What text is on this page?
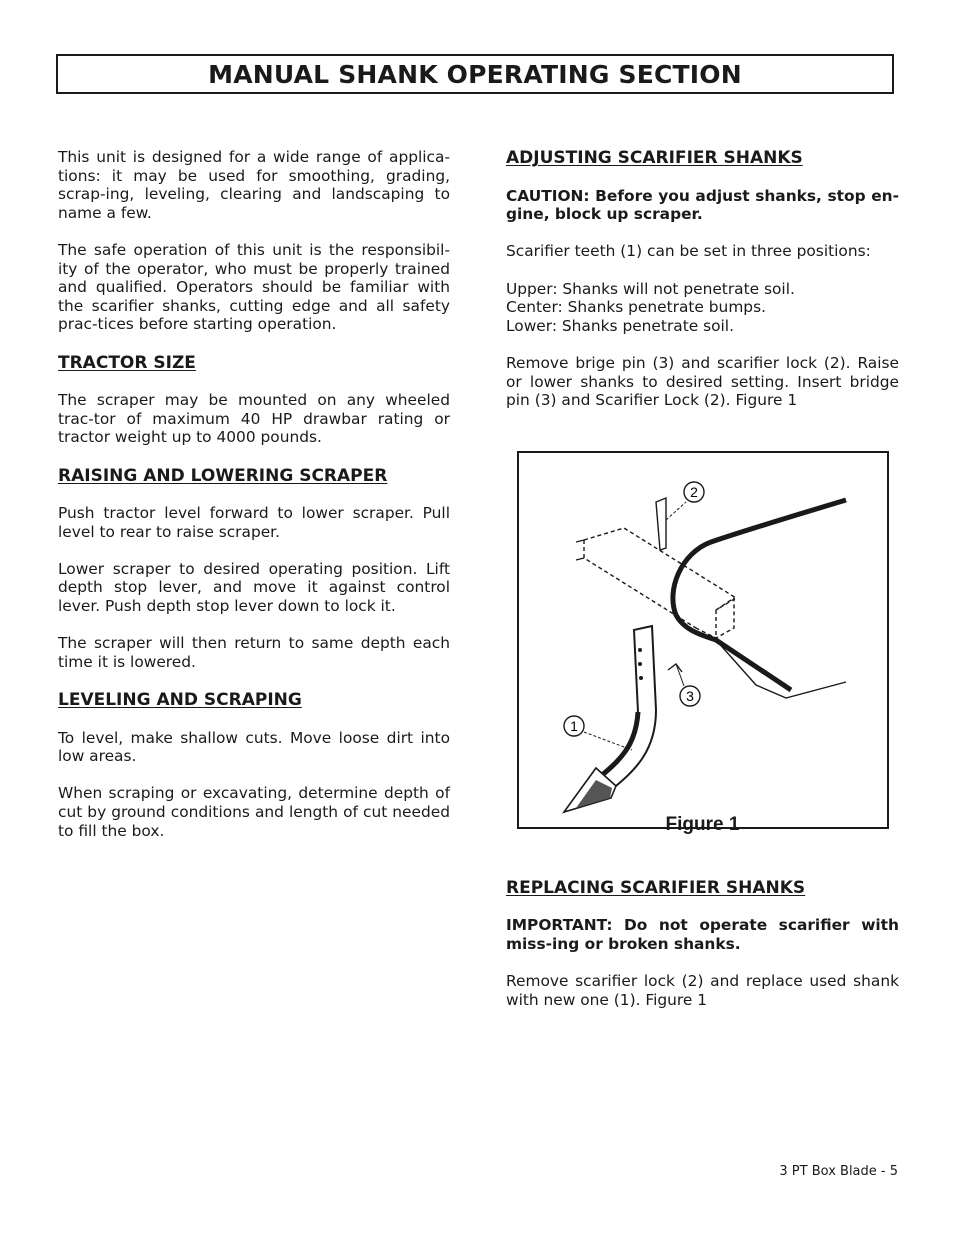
MANUAL SHANK OPERATING SECTION

This unit is designed for a wide range of applica-tions: it may be used for smoothing, grading, scrap-ing, leveling, clearing and landscaping to name a few.

The safe operation of this unit is the responsibil-ity of the operator, who must be properly trained and qualified. Operators should be familiar with the scarifier shanks, cutting edge and all safety prac-tices before starting operation.

TRACTOR SIZE

The scraper may be mounted on any wheeled trac-tor of maximum 40 HP drawbar rating or tractor weight up to 4000 pounds.

RAISING AND LOWERING SCRAPER

Push tractor level forward to lower scraper. Pull level to rear to raise scraper.

Lower scraper to desired operating position. Lift depth stop lever, and move it against control lever. Push depth stop lever down to lock it.

The scraper will then return to same depth each time it is lowered.

LEVELING AND SCRAPING

To level, make shallow cuts. Move loose dirt into low areas.

When scraping or excavating, determine depth of cut by ground conditions and length of cut needed to fill the box.

ADJUSTING SCARIFIER SHANKS

CAUTION: Before you adjust shanks, stop en-gine, block up scraper.

Scarifier teeth (1) can be set in three positions:

Upper: Shanks will not penetrate soil.
Center: Shanks penetrate bumps.
Lower: Shanks penetrate soil.

Remove brige pin (3) and scarifier lock (2). Raise or lower shanks to desired setting. Insert bridge pin (3) and Scarifier Lock (2). Figure 1

2
1
3
Figure 1
REPLACING SCARIFIER SHANKS

IMPORTANT: Do not operate scarifier with miss-ing or broken shanks.

Remove scarifier lock (2) and replace used shank with new one (1). Figure 1

3 PT Box Blade - 5
